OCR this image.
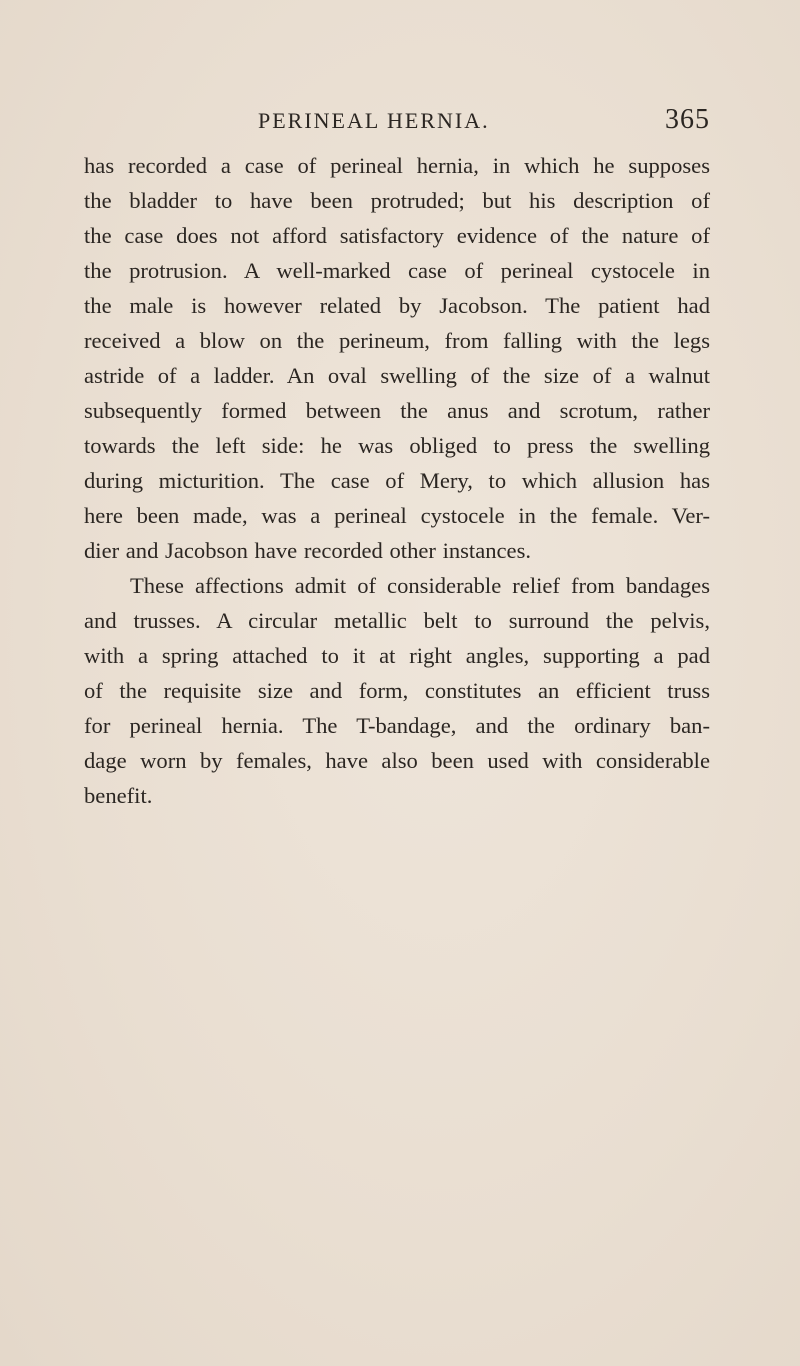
PERINEAL HERNIA.	365
has recorded a case of perineal hernia, in which he supposes
the bladder to have been protruded; but his description of
the case does not afford satisfactory evidence of the nature of
the protrusion. A well-marked case of perineal cystocele in
the male is however related by Jacobson. The patient had
received a blow on the perineum, from falling with the legs
astride of a ladder. An oval swelling of the size of a walnut
subsequently formed between the anus and scrotum, rather
towards the left side: he was obliged to press the swelling
during micturition. The case of Mery, to which allusion has
here been made, was a perineal cystocele in the female. Ver-
dier and Jacobson have recorded other instances.
These affections admit of considerable relief from bandages
and trusses. A circular metallic belt to surround the pelvis,
with a spring attached to it at right angles, supporting a pad
of the requisite size and form, constitutes an efficient truss
for perineal hernia. The T-bandage, and the ordinary ban-
dage worn by females, have also been used with considerable
benefit.
